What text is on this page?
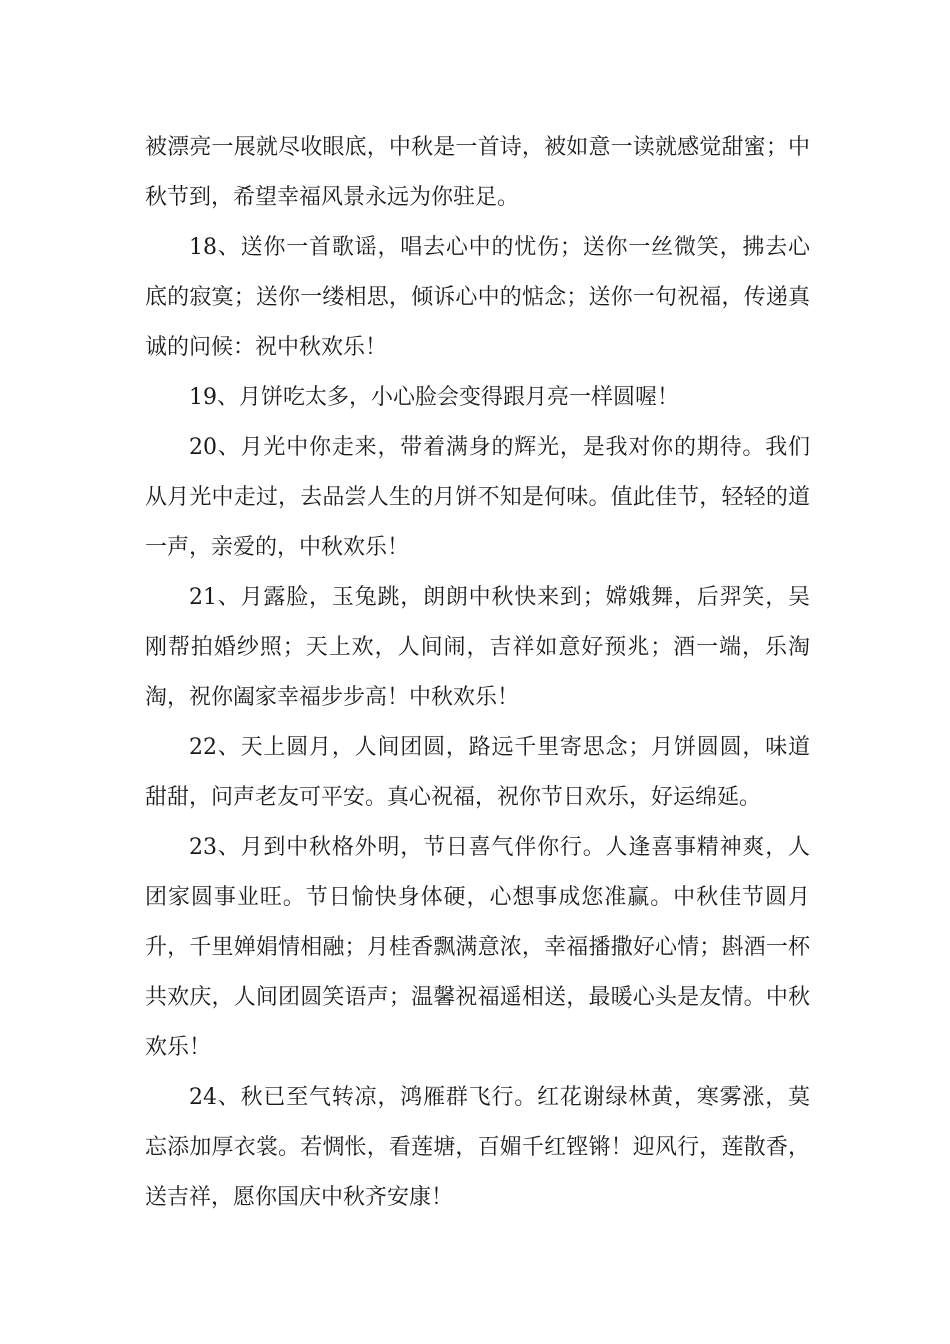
被漂亮一展就尽收眼底，中秋是一首诗，被如意一读就感觉甜蜜；中秋节到，希望幸福风景永远为你驻足。

18、送你一首歌谣，唱去心中的忧伤；送你一丝微笑，拂去心底的寂寞；送你一缕相思，倾诉心中的惦念；送你一句祝福，传递真诚的问候：祝中秋欢乐！

19、月饼吃太多，小心脸会变得跟月亮一样圆喔！

20、月光中你走来，带着满身的辉光，是我对你的期待。我们从月光中走过，去品尝人生的月饼不知是何味。值此佳节，轻轻的道一声，亲爱的，中秋欢乐！

21、月露脸，玉兔跳，朗朗中秋快来到；嫦娥舞，后羿笑，吴刚帮拍婚纱照；天上欢，人间闹，吉祥如意好预兆；酒一端，乐淘淘，祝你阖家幸福步步高！中秋欢乐！

22、天上圆月，人间团圆，路远千里寄思念；月饼圆圆，味道甜甜，问声老友可平安。真心祝福，祝你节日欢乐，好运绵延。

23、月到中秋格外明，节日喜气伴你行。人逢喜事精神爽，人团家圆事业旺。节日愉快身体硬，心想事成您准赢。中秋佳节圆月升，千里婵娟情相融；月桂香飘满意浓，幸福播撒好心情；斟酒一杯共欢庆，人间团圆笑语声；温馨祝福遥相送，最暖心头是友情。中秋欢乐！

24、秋已至气转凉，鸿雁群飞行。红花谢绿林黄，寒雾涨，莫忘添加厚衣裳。若惆怅，看莲塘，百媚千红铿锵！迎风行，莲散香，送吉祥，愿你国庆中秋齐安康！
